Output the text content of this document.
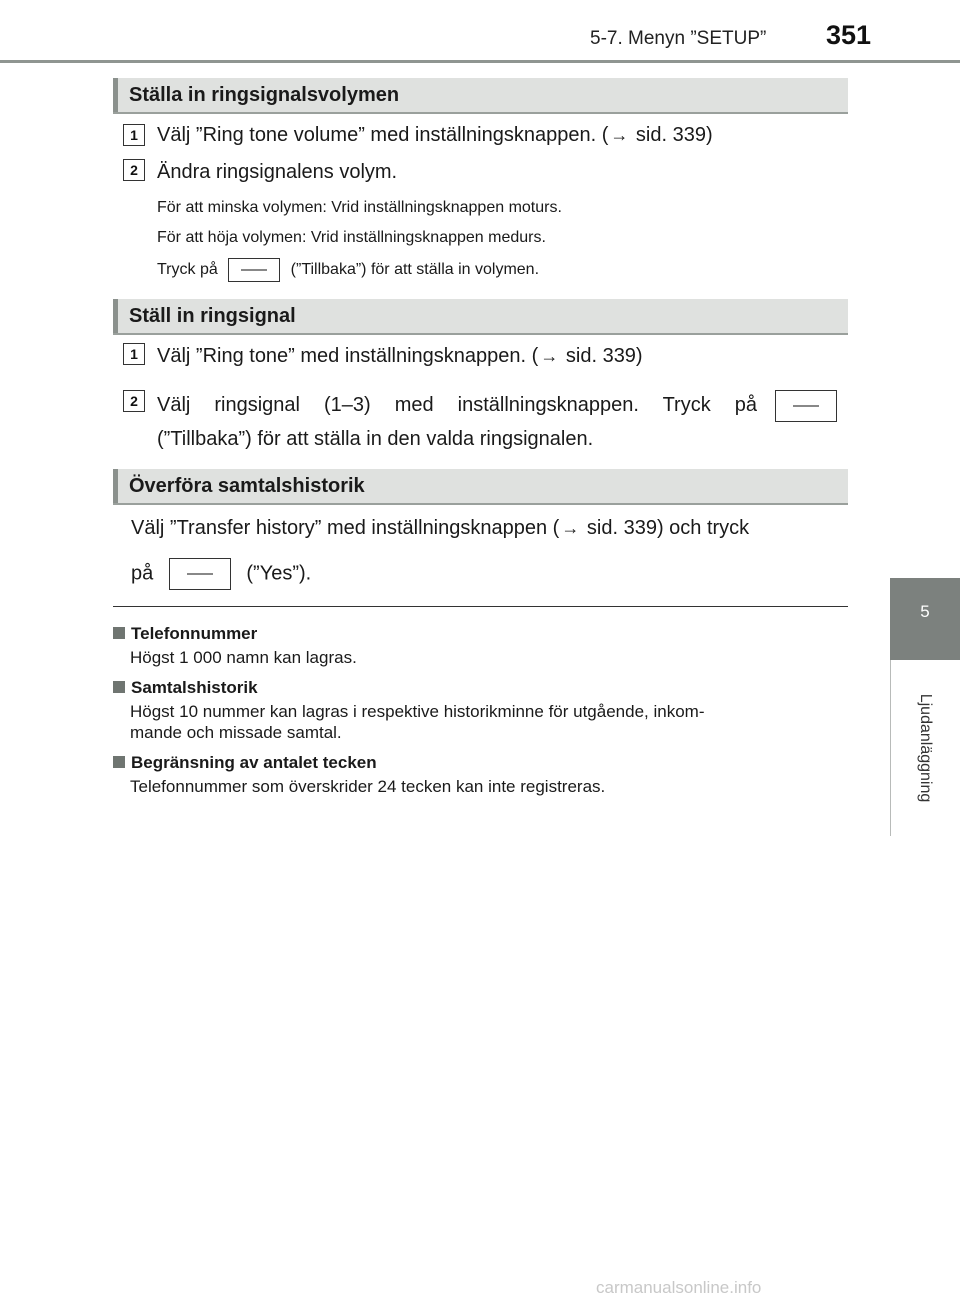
5-7. Menyn ”SETUP” 351
5
Ljudanläggning
Ställa in ringsignalsvolymen
1 Välj ”Ring tone volume” med inställningsknappen. ( → sid. 339)
2 Ändra ringsignalens volym.
För att minska volymen: Vrid inställningsknappen moturs.
För att höja volymen: Vrid inställningsknappen medurs.
Tryck på	(”Tillbaka”) för att ställa in volymen.
Ställ in ringsignal
1 Välj ”Ring tone” med inställningsknappen. ( → sid. 339)
2 Välj ringsignal (1–3) med inställningsknappen. Tryck på
(”Tillbaka”) för att ställa in den valda ringsignalen.
Överföra samtalshistorik
Välj ”Transfer history” med inställningsknappen ( → sid. 339) och tryck
på	(”Yes”).
Telefonnummer
Högst 1 000 namn kan lagras.
Samtalshistorik
Högst 10 nummer kan lagras i respektive historikminne för utgående, inkom-
mande och missade samtal.
Begränsning av antalet tecken
Telefonnummer som överskrider 24 tecken kan inte registreras.
carmanualsonline.info
